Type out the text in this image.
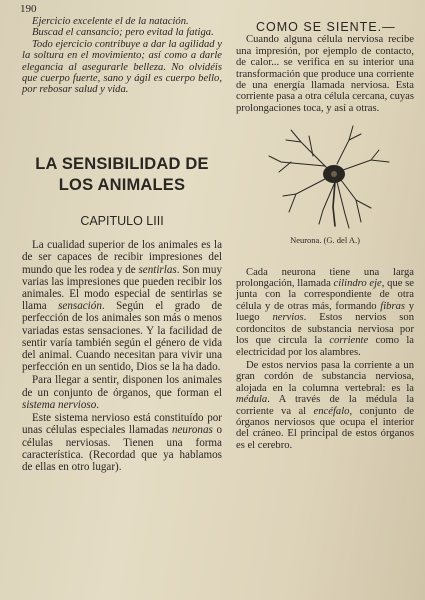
190

Ejercicio excelente el de la natación.

Buscad el cansancio; pero evitad la fatiga.

Todo ejercicio contribuye a dar la agilidad y la soltura en el movimiento; así como a darle elegancia al asegurarle belleza. No olvidéis que cuerpo fuerte, sano y ágil es cuerpo bello, por rebosar salud y vida.

LA SENSIBILIDAD DE
LOS ANIMALES
CAPITULO LIII

La cualidad superior de los animales es la de ser capaces de recibir impresiones del mundo que les rodea y de sentirlas. Son muy varias las impresiones que pueden recibir los animales. El modo especial de sentirlas se llama sensación. Según el grado de perfección de los animales son más o menos variadas estas sensaciones. Y la facilidad de sentir varía también según el género de vida del animal. Cuando necesitan para vivir una perfección en un sentido, Dios se la ha dado.

Para llegar a sentir, disponen los animales de un conjunto de órganos, que forman el sistema nervioso.

Este sistema nervioso está constituído por unas células especiales llamadas neuronas o células nerviosas. Tienen una forma característica. (Recordad que ya hablamos de ellas en otro lugar).

COMO SE SIENTE.—

Cuando alguna célula nerviosa recibe una impresión, por ejemplo de contacto, de calor... se verifica en su interior una transformación que produce una corriente de una energía llamada nerviosa. Esta corriente pasa a otra célula cercana, cuyas prolongaciones toca, y así a otras.

Neurona. (G. del A.)

Cada neurona tiene una larga prolongación, llamada cilindro eje, que se junta con la correspondiente de otra célula y de otras más, formando fibras y luego nervios. Estos nervios son cordoncitos de substancia nerviosa por los que circula la corriente como la electricidad por los alambres.

De estos nervios pasa la corriente a un gran cordón de substancia nerviosa, alojada en la columna vertebral: es la médula. A través de la médula la corriente va al encéfalo, conjunto de órganos nerviosos que ocupa el interior del cráneo. El principal de estos órganos es el cerebro.
